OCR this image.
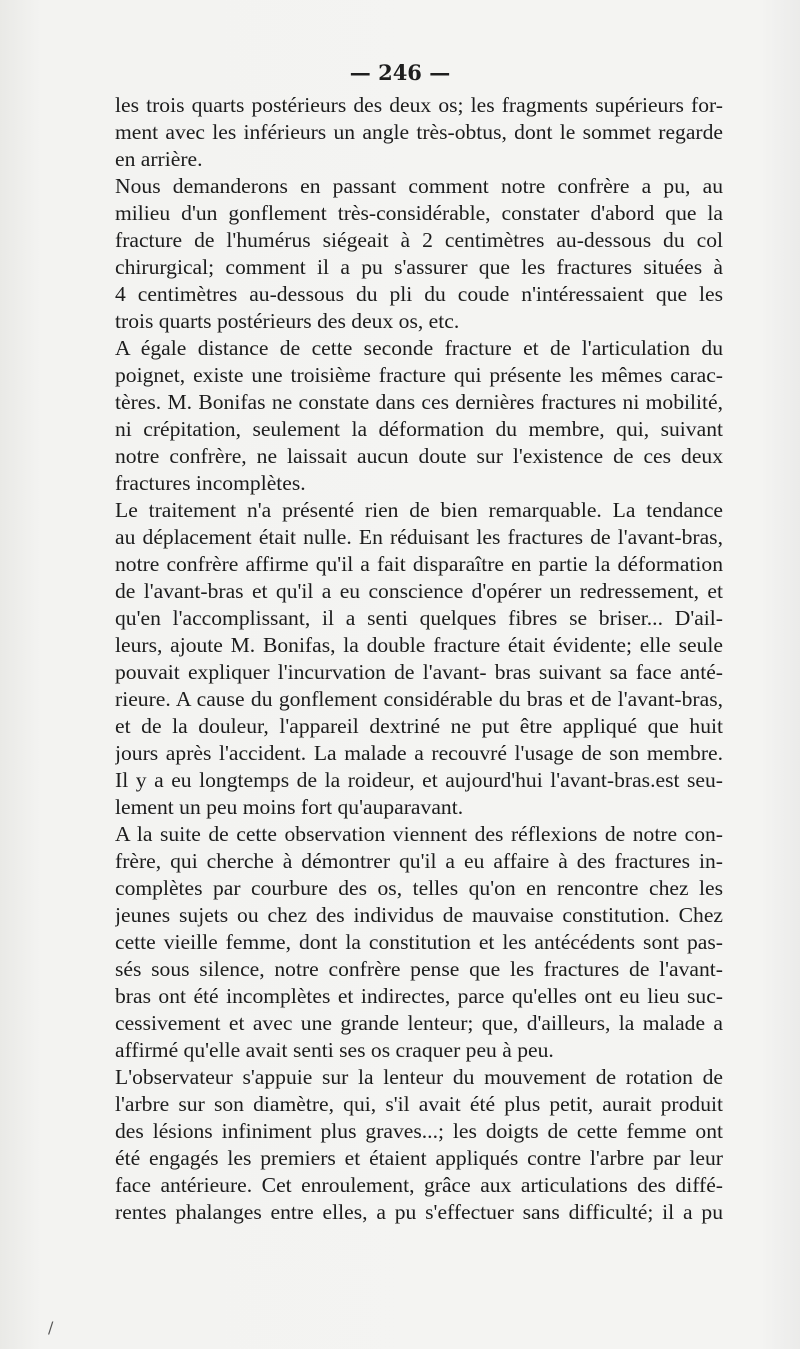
— 246 —
les trois quarts postérieurs des deux os; les fragments supérieurs for-
ment avec les inférieurs un angle très-obtus, dont le sommet regarde
en arrière.
Nous demanderons en passant comment notre confrère a pu, au
milieu d'un gonflement très-considérable, constater d'abord que la
fracture de l'humérus siégeait à 2 centimètres au-dessous du col
chirurgical; comment il a pu s'assurer que les fractures situées à
4 centimètres au-dessous du pli du coude n'intéressaient que les
trois quarts postérieurs des deux os, etc.
A égale distance de cette seconde fracture et de l'articulation du
poignet, existe une troisième fracture qui présente les mêmes carac-
tères. M. Bonifas ne constate dans ces dernières fractures ni mobilité,
ni crépitation, seulement la déformation du membre, qui, suivant
notre confrère, ne laissait aucun doute sur l'existence de ces deux
fractures incomplètes.
Le traitement n'a présenté rien de bien remarquable. La tendance
au déplacement était nulle. En réduisant les fractures de l'avant-bras,
notre confrère affirme qu'il a fait disparaître en partie la déformation
de l'avant-bras et qu'il a eu conscience d'opérer un redressement, et
qu'en l'accomplissant, il a senti quelques fibres se briser... D'ail-
leurs, ajoute M. Bonifas, la double fracture était évidente; elle seule
pouvait expliquer l'incurvation de l'avant- bras suivant sa face anté-
rieure. A cause du gonflement considérable du bras et de l'avant-bras,
et de la douleur, l'appareil dextriné ne put être appliqué que huit
jours après l'accident. La malade a recouvré l'usage de son membre.
Il y a eu longtemps de la roideur, et aujourd'hui l'avant-bras.est seu-
lement un peu moins fort qu'auparavant.
A la suite de cette observation viennent des réflexions de notre con-
frère, qui cherche à démontrer qu'il a eu affaire à des fractures in-
complètes par courbure des os, telles qu'on en rencontre chez les
jeunes sujets ou chez des individus de mauvaise constitution. Chez
cette vieille femme, dont la constitution et les antécédents sont pas-
sés sous silence, notre confrère pense que les fractures de l'avant-
bras ont été incomplètes et indirectes, parce qu'elles ont eu lieu suc-
cessivement et avec une grande lenteur; que, d'ailleurs, la malade a
affirmé qu'elle avait senti ses os craquer peu à peu.
L'observateur s'appuie sur la lenteur du mouvement de rotation de
l'arbre sur son diamètre, qui, s'il avait été plus petit, aurait produit
des lésions infiniment plus graves...; les doigts de cette femme ont
été engagés les premiers et étaient appliqués contre l'arbre par leur
face antérieure. Cet enroulement, grâce aux articulations des diffé-
rentes phalanges entre elles, a pu s'effectuer sans difficulté; il a pu
/
